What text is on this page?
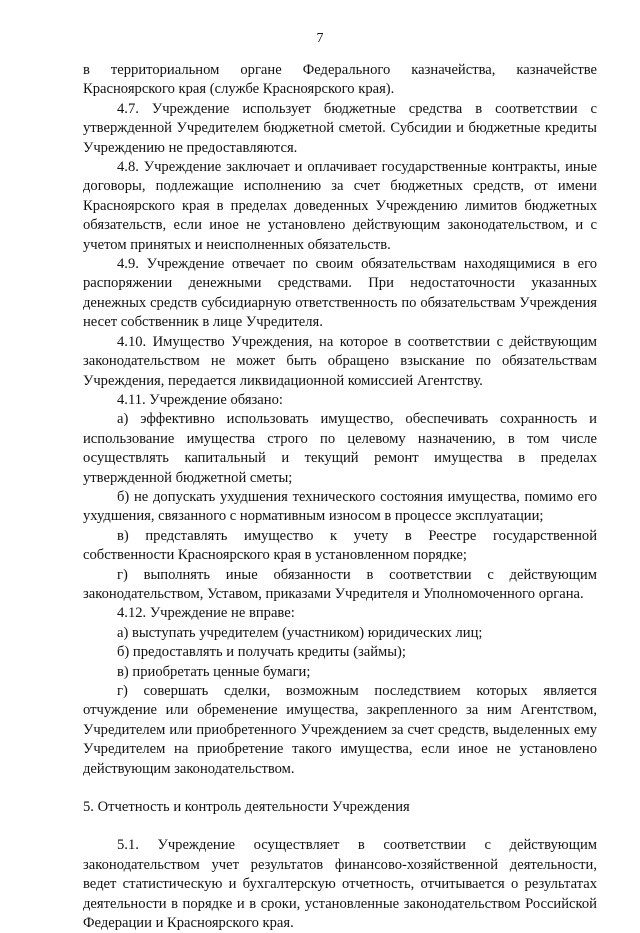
7
в территориальном органе Федерального казначейства, казначействе Красноярского края (службе Красноярского края).
4.7. Учреждение использует бюджетные средства в соответствии с утвержденной Учредителем бюджетной сметой. Субсидии и бюджетные кредиты Учреждению не предоставляются.
4.8. Учреждение заключает и оплачивает государственные контракты, иные договоры, подлежащие исполнению за счет бюджетных средств, от имени Красноярского края в пределах доведенных Учреждению лимитов бюджетных обязательств, если иное не установлено действующим законодательством, и с учетом принятых и неисполненных обязательств.
4.9. Учреждение отвечает по своим обязательствам находящимися в его распоряжении денежными средствами. При недостаточности указанных денежных средств субсидиарную ответственность по обязательствам Учреждения несет собственник в лице Учредителя.
4.10. Имущество Учреждения, на которое в соответствии с действующим законодательством не может быть обращено взыскание по обязательствам Учреждения, передается ликвидационной комиссией Агентству.
4.11. Учреждение обязано:
а) эффективно использовать имущество, обеспечивать сохранность и использование имущества строго по целевому назначению, в том числе осуществлять капитальный и текущий ремонт имущества в пределах утвержденной бюджетной сметы;
б) не допускать ухудшения технического состояния имущества, помимо его ухудшения, связанного с нормативным износом в процессе эксплуатации;
в) представлять имущество к учету в Реестре государственной собственности Красноярского края в установленном порядке;
г) выполнять иные обязанности в соответствии с действующим законодательством, Уставом, приказами Учредителя и Уполномоченного органа.
4.12. Учреждение не вправе:
а) выступать учредителем (участником) юридических лиц;
б) предоставлять и получать кредиты (займы);
в) приобретать ценные бумаги;
г) совершать сделки, возможным последствием которых является отчуждение или обременение имущества, закрепленного за ним Агентством, Учредителем или приобретенного Учреждением за счет средств, выделенных ему Учредителем на приобретение такого имущества, если иное не установлено действующим законодательством.
5. Отчетность и контроль деятельности Учреждения
5.1. Учреждение осуществляет в соответствии с действующим законодательством учет результатов финансово-хозяйственной деятельности, ведет статистическую и бухгалтерскую отчетность, отчитывается о результатах деятельности в порядке и в сроки, установленные законодательством Российской Федерации и Красноярского края.
